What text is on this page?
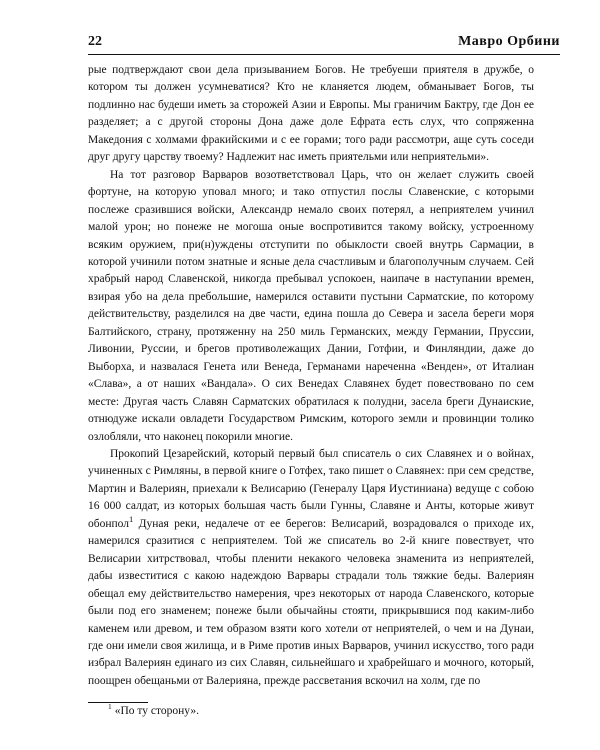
22	Мавро Орбини

рые подтверждают свои дела призыванием Богов. Не требуеши приятеля в дружбе, о котором ты должен усумневатися? Кто не кланяется людем, обманывает Богов, ты подлинно нас будеши иметь за сторожей Азии и Европы. Мы граничим Бактру, где Дон ее разделяет; а с другой стороны Дона даже доле Ефрата есть слух, что сопряженна Македония с холмами фракийскими и с ее горами; того ради рассмотри, аще суть соседи друг другу царству твоему? Надлежит нас иметь приятельми или неприятельми».

На тот разговор Варваров возответствовал Царь, что он желает служить своей фортуне, на которую уповал много; и тако отпустил послы Славенские, с которыми послеже сразившися войски, Александр немало своих потерял, а неприятелем учинил малой урон; но понеже не могоша оные воспротивится такому войску, устроенному всяким оружием, при(н)уждены отступити по обыклости своей внутрь Сармации, в которой учинили потом знатные и ясные дела счастливым и благополучным случаем. Сей храбрый народ Славенской, никогда пребывал успокоен, наипаче в наступании времен, взирая убо на дела пребольшие, намерился оставити пустыни Сарматские, по которому действительству, разделился на две части, едина пошла до Севера и засела береги моря Балтийского, страну, протяженну на 250 миль Германских, между Германии, Пруссии, Ливонии, Руссии, и брегов противолежащих Дании, Готфии, и Финляндии, даже до Выборха, и назвалася Генета или Венеда, Германами нареченна «Венден», от Италиан «Слава», а от наших «Вандала». О сих Венедах Славянех будет повествовано по сем месте: Другая часть Славян Сарматских обратилася к полудни, засела бреги Дунаиские, отнюдуже искали овладети Государством Римским, которого земли и провинции толико озлобляли, что наконец покорили многие.

Прокопий Цезарейский, который первый был списатель о сих Славянех и о войнах, учиненных с Римляны, в первой книге о Готфех, тако пишет о Славянех: при сем средстве, Мартин и Валериян, приехали к Велисарию (Генералу Царя Иустиниана) ведуще с собою 16 000 салдат, из которых большая часть были Гунны, Славяне и Анты, которые живут обонпол$^1$ Дуная реки, недалече от ее берегов: Велисарий, возрадовался о приходе их, намерился сразитися с неприятелем. Той же списатель во 2-й книге повествует, что Велисарии хитрствовал, чтобы пленити некакого человека знаменита из неприятелей, дабы известитися с какою надеждою Варвары страдали толь тяжкие беды. Валериян обещал ему действительство намерения, чрез некоторых от народа Славенского, которые были под его знаменем; понеже были обычайны стояти, прикрывшися под каким-либо каменем или древом, и тем образом взяти кого хотели от неприятелей, о чем и на Дунаи, где они имели своя жилища, и в Риме против иных Варваров, учинил искусство, того ради избрал Валериян единаго из сих Славян, сильнейшаго и храбрейшаго и мочного, который, поощрен обещаньми от Валерияна, прежде рассветания вскочил на холм, где по

$^1$ «По ту сторону».
